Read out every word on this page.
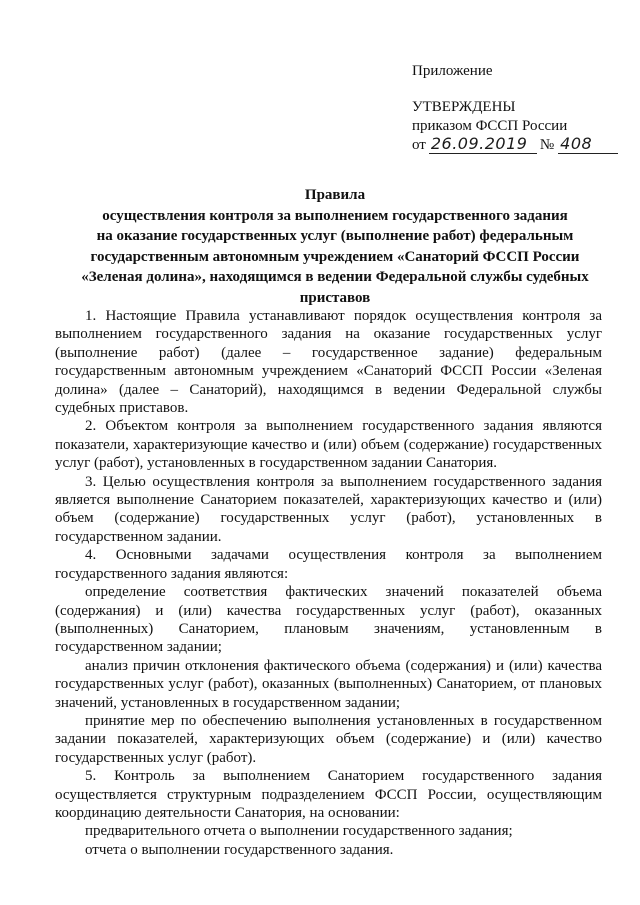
Приложение
УТВЕРЖДЕНЫ
приказом ФССП России
от 26.09.2019 № 408
Правила
осуществления контроля за выполнением государственного задания
на оказание государственных услуг (выполнение работ) федеральным
государственным автономным учреждением «Санаторий ФССП России
«Зеленая долина», находящимся в ведении Федеральной службы судебных
приставов
1. Настоящие Правила устанавливают порядок осуществления контроля за выполнением государственного задания на оказание государственных услуг (выполнение работ) (далее – государственное задание) федеральным государственным автономным учреждением «Санаторий ФССП России «Зеленая долина» (далее – Санаторий), находящимся в ведении Федеральной службы судебных приставов.
2. Объектом контроля за выполнением государственного задания являются показатели, характеризующие качество и (или) объем (содержание) государственных услуг (работ), установленных в государственном задании Санатория.
3. Целью осуществления контроля за выполнением государственного задания является выполнение Санаторием показателей, характеризующих качество и (или) объем (содержание) государственных услуг (работ), установленных в государственном задании.
4. Основными задачами осуществления контроля за выполнением государственного задания являются:
определение соответствия фактических значений показателей объема (содержания) и (или) качества государственных услуг (работ), оказанных (выполненных) Санаторием, плановым значениям, установленным в государственном задании;
анализ причин отклонения фактического объема (содержания) и (или) качества государственных услуг (работ), оказанных (выполненных) Санаторием, от плановых значений, установленных в государственном задании;
принятие мер по обеспечению выполнения установленных в государственном задании показателей, характеризующих объем (содержание) и (или) качество государственных услуг (работ).
5. Контроль за выполнением Санаторием государственного задания осуществляется структурным подразделением ФССП России, осуществляющим координацию деятельности Санатория, на основании:
предварительного отчета о выполнении государственного задания;
отчета о выполнении государственного задания.
